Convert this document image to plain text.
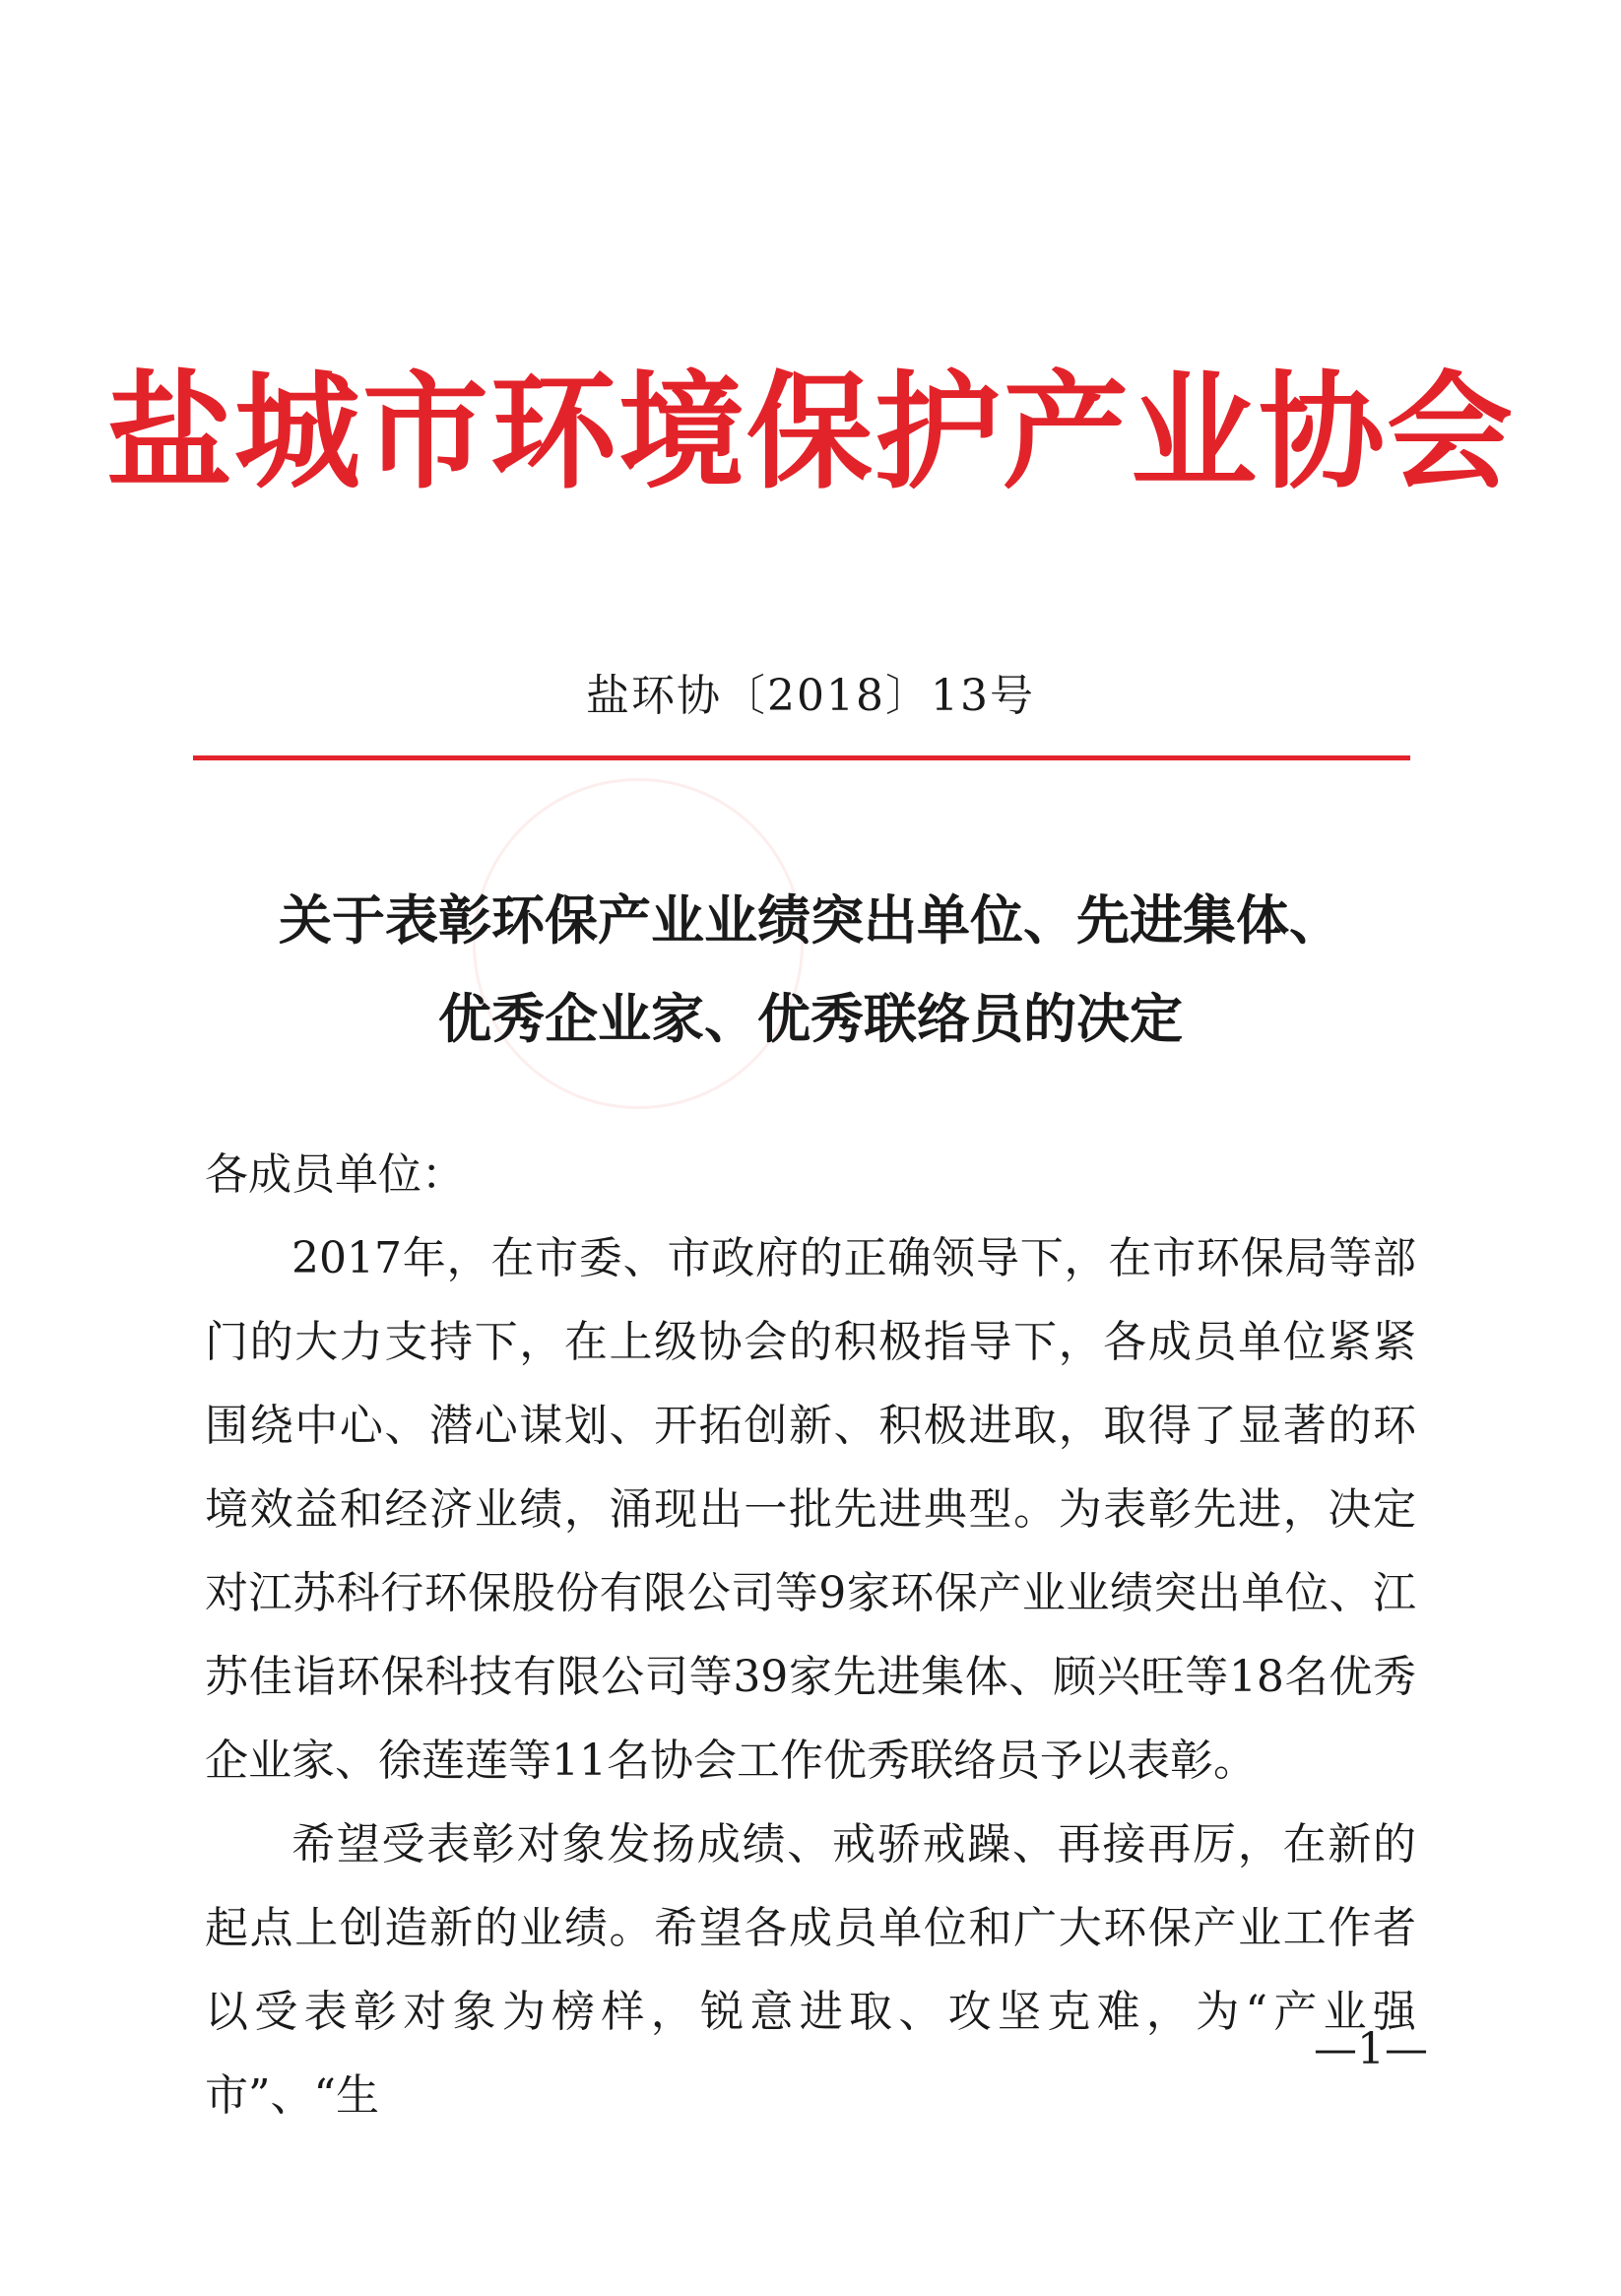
盐城市环境保护产业协会
盐环协〔2018〕13号
关于表彰环保产业业绩突出单位、先进集体、
优秀企业家、优秀联络员的决定

各成员单位：

2017年，在市委、市政府的正确领导下，在市环保局等部门的大力支持下，在上级协会的积极指导下，各成员单位紧紧围绕中心、潜心谋划、开拓创新、积极进取，取得了显著的环境效益和经济业绩，涌现出一批先进典型。为表彰先进，决定对江苏科行环保股份有限公司等9家环保产业业绩突出单位、江苏佳诣环保科技有限公司等39家先进集体、顾兴旺等18名优秀企业家、徐莲莲等11名协会工作优秀联络员予以表彰。

希望受表彰对象发扬成绩、戒骄戒躁、再接再厉，在新的起点上创造新的业绩。希望各成员单位和广大环保产业工作者以受表彰对象为榜样，锐意进取、攻坚克难，为“产业强市”、“生

—1—
